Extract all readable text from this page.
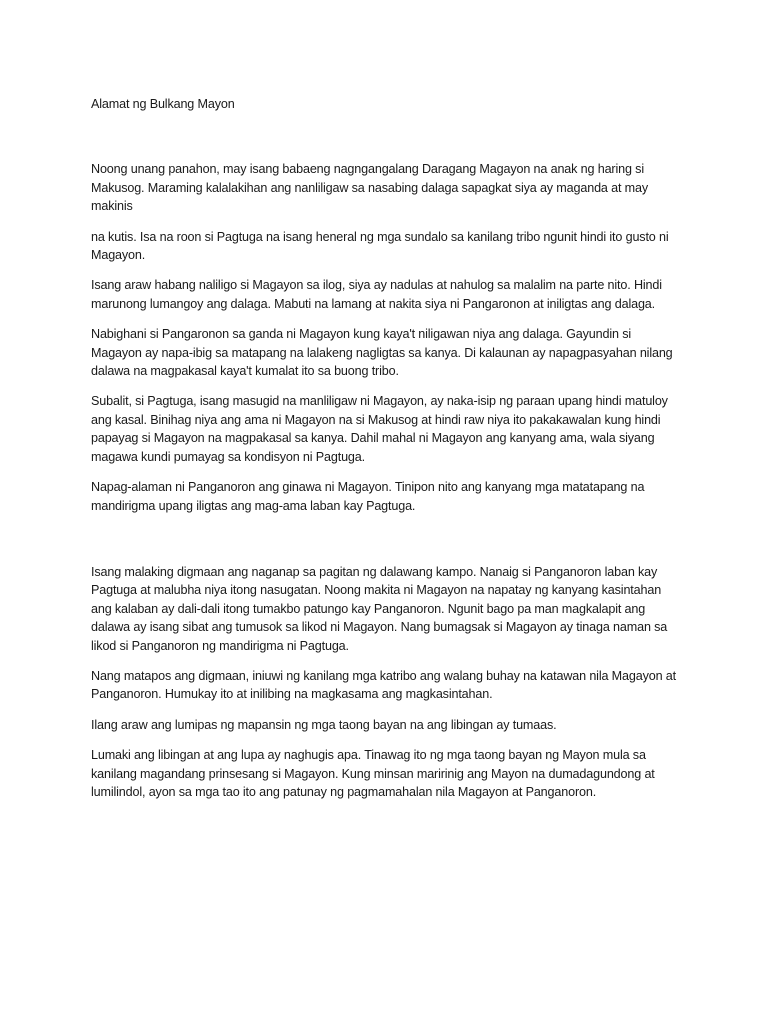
Alamat ng Bulkang Mayon

Noong unang panahon, may isang babaeng nagngangalang Daragang Magayon na anak ng haring si Makusog. Maraming kalalakihan ang nanliligaw sa nasabing dalaga sapagkat siya ay maganda at may makinis

na kutis. Isa na roon si Pagtuga na isang heneral ng mga sundalo sa kanilang tribo ngunit hindi ito gusto ni Magayon.

Isang araw habang naliligo si Magayon sa ilog, siya ay nadulas at nahulog sa malalim na parte nito. Hindi marunong lumangoy ang dalaga. Mabuti na lamang at nakita siya ni Pangaronon at iniligtas ang dalaga.

Nabighani si Pangaronon sa ganda ni Magayon kung kaya't niligawan niya ang dalaga. Gayundin si Magayon ay napa-ibig sa matapang na lalakeng nagligtas sa kanya. Di kalaunan ay napagpasyahan nilang dalawa na magpakasal kaya't kumalat ito sa buong tribo.

Subalit, si Pagtuga, isang masugid na manliligaw ni Magayon, ay naka-isip ng paraan upang hindi matuloy ang kasal. Binihag niya ang ama ni Magayon na si Makusog at hindi raw niya ito pakakawalan kung hindi papayag si Magayon na magpakasal sa kanya. Dahil mahal ni Magayon ang kanyang ama, wala siyang magawa kundi pumayag sa kondisyon ni Pagtuga.

Napag-alaman ni Panganoron ang ginawa ni Magayon. Tinipon nito ang kanyang mga matatapang na mandirigma upang iligtas ang mag-ama laban kay Pagtuga.

Isang malaking digmaan ang naganap sa pagitan ng dalawang kampo. Nanaig si Panganoron laban kay Pagtuga at malubha niya itong nasugatan. Noong makita ni Magayon na napatay ng kanyang kasintahan ang kalaban ay dali-dali itong tumakbo patungo kay Panganoron. Ngunit bago pa man magkalapit ang dalawa ay isang sibat ang tumusok sa likod ni Magayon. Nang bumagsak si Magayon ay tinaga naman sa likod si Panganoron ng mandirigma ni Pagtuga.

Nang matapos ang digmaan, iniuwi ng kanilang mga katribo ang walang buhay na katawan nila Magayon at Panganoron. Humukay ito at inilibing na magkasama ang magkasintahan.

Ilang araw ang lumipas ng mapansin ng mga taong bayan na ang libingan ay tumaas.

Lumaki ang libingan at ang lupa ay naghugis apa. Tinawag ito ng mga taong bayan ng Mayon mula sa kanilang magandang prinsesang si Magayon. Kung minsan maririnig ang Mayon na dumadagundong at lumilindol, ayon sa mga tao ito ang patunay ng pagmamahalan nila Magayon at Panganoron.
